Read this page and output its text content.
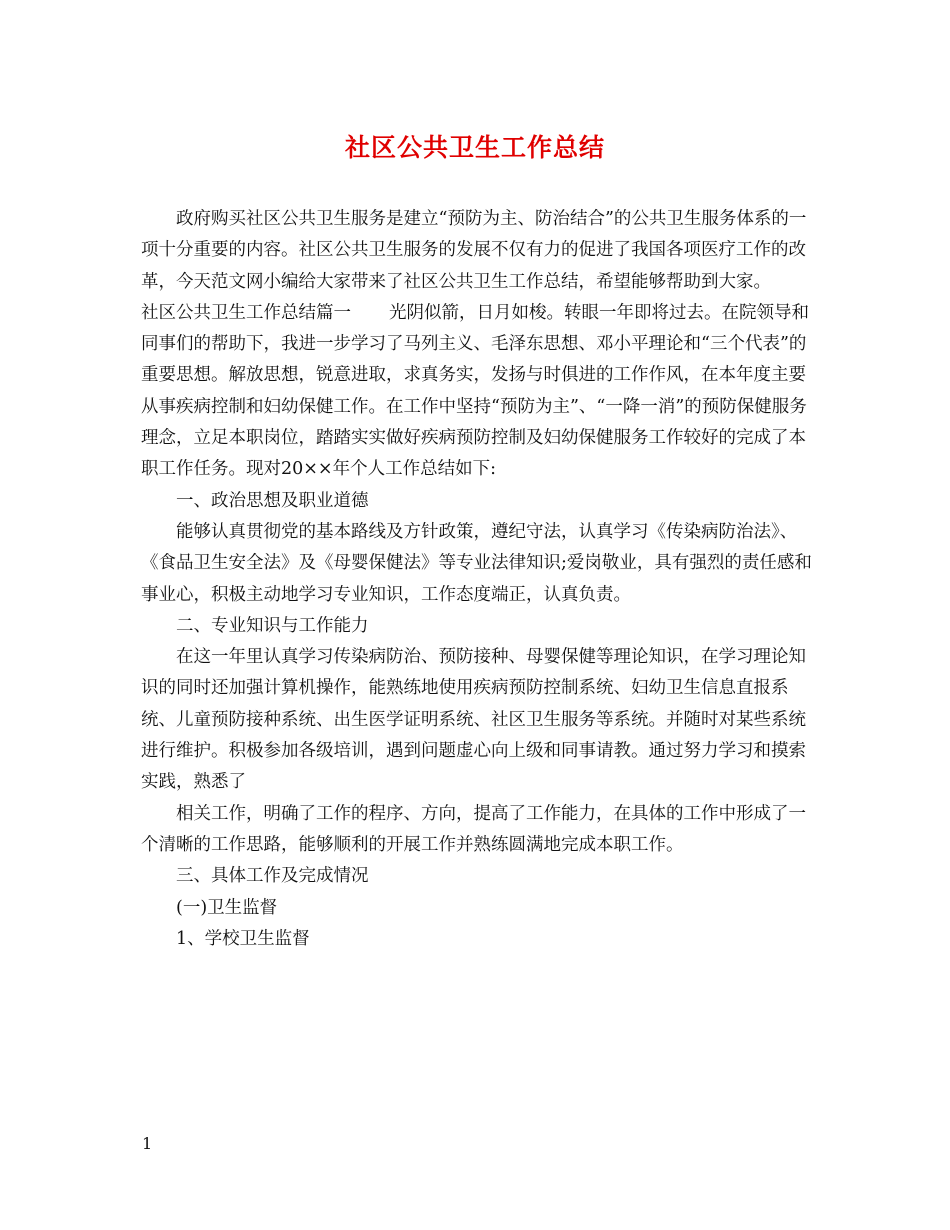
社区公共卫生工作总结

政府购买社区公共卫生服务是建立“预防为主、防治结合”的公共卫生服务体系的一项十分重要的内容。社区公共卫生服务的发展不仅有力的促进了我国各项医疗工作的改革，今天范文网小编给大家带来了社区公共卫生工作总结，希望能够帮助到大家。

社区公共卫生工作总结篇一 光阴似箭，日月如梭。转眼一年即将过去。在院领导和同事们的帮助下，我进一步学习了马列主义、毛泽东思想、邓小平理论和“三个代表”的重要思想。解放思想，锐意进取，求真务实，发扬与时俱进的工作作风，在本年度主要从事疾病控制和妇幼保健工作。在工作中坚持“预防为主”、“一降一消”的预防保健服务理念，立足本职岗位，踏踏实实做好疾病预防控制及妇幼保健服务工作较好的完成了本职工作任务。现对20××年个人工作总结如下:

一、政治思想及职业道德

能够认真贯彻党的基本路线及方针政策，遵纪守法，认真学习《传染病防治法》、《食品卫生安全法》及《母婴保健法》等专业法律知识;爱岗敬业，具有强烈的责任感和事业心，积极主动地学习专业知识，工作态度端正，认真负责。

二、专业知识与工作能力

在这一年里认真学习传染病防治、预防接种、母婴保健等理论知识，在学习理论知识的同时还加强计算机操作，能熟练地使用疾病预防控制系统、妇幼卫生信息直报系统、儿童预防接种系统、出生医学证明系统、社区卫生服务等系统。并随时对某些系统进行维护。积极参加各级培训，遇到问题虚心向上级和同事请教。通过努力学习和摸索实践，熟悉了

相关工作，明确了工作的程序、方向，提高了工作能力，在具体的工作中形成了一个清晰的工作思路，能够顺利的开展工作并熟练圆满地完成本职工作。

三、具体工作及完成情况

(一)卫生监督

1、学校卫生监督

1
